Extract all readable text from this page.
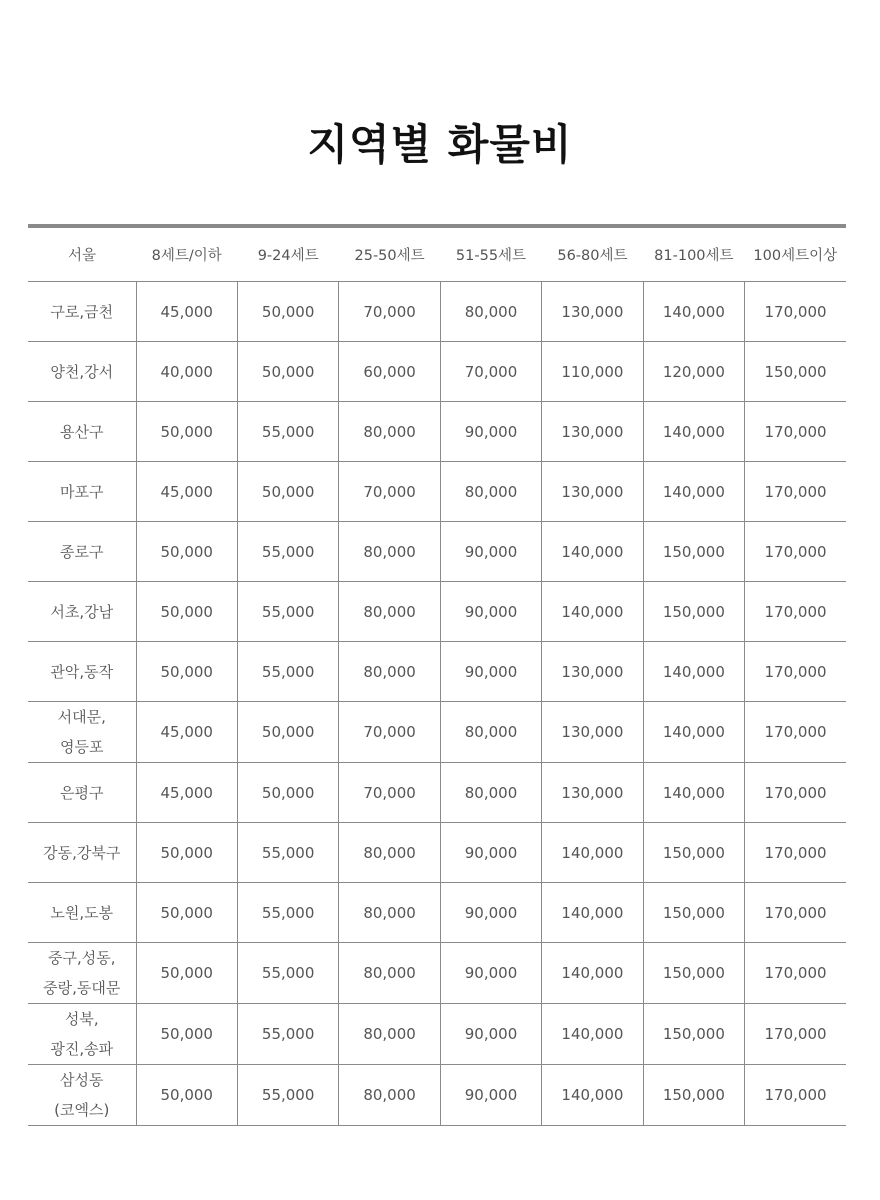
지역별 화물비
서울	8세트/이하	9-24세트	25-50세트	51-55세트	56-80세트	81-100세트	100세트이상

구로,금천	45,000	50,000	70,000	80,000	130,000	140,000	170,000

양천,강서	40,000	50,000	60,000	70,000	110,000	120,000	150,000

용산구	50,000	55,000	80,000	90,000	130,000	140,000	170,000

마포구	45,000	50,000	70,000	80,000	130,000	140,000	170,000

종로구	50,000	55,000	80,000	90,000	140,000	150,000	170,000

서초,강남	50,000	55,000	80,000	90,000	140,000	150,000	170,000

관악,동작	50,000	55,000	80,000	90,000	130,000	140,000	170,000

서대문,
영등포	45,000	50,000	70,000	80,000	130,000	140,000	170,000

은평구	45,000	50,000	70,000	80,000	130,000	140,000	170,000

강동,강북구	50,000	55,000	80,000	90,000	140,000	150,000	170,000

노원,도봉	50,000	55,000	80,000	90,000	140,000	150,000	170,000

중구,성동,
중랑,동대문	50,000	55,000	80,000	90,000	140,000	150,000	170,000

성북,
광진,송파	50,000	55,000	80,000	90,000	140,000	150,000	170,000

삼성동
(코엑스)	50,000	55,000	80,000	90,000	140,000	150,000	170,000
